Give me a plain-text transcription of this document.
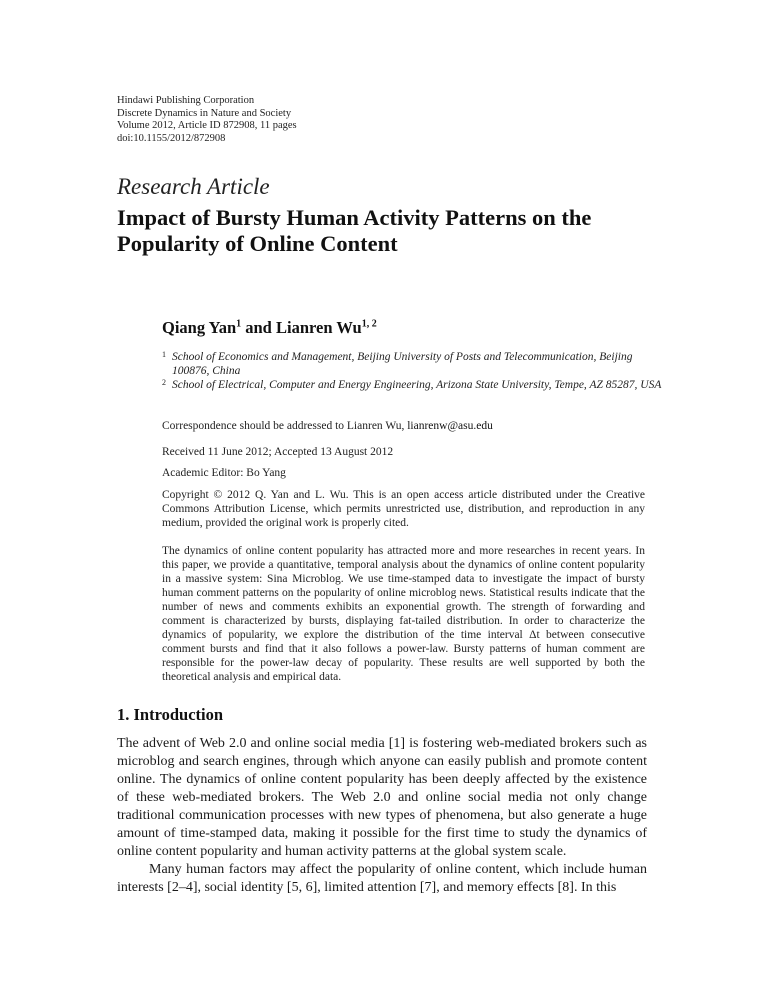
Hindawi Publishing Corporation
Discrete Dynamics in Nature and Society
Volume 2012, Article ID 872908, 11 pages
doi:10.1155/2012/872908
Research Article
Impact of Bursty Human Activity Patterns on the Popularity of Online Content
Qiang Yan$^1$ and Lianren Wu$^{1, 2}$
1 School of Economics and Management, Beijing University of Posts and Telecommunication, Beijing 100876, China
2 School of Electrical, Computer and Energy Engineering, Arizona State University, Tempe, AZ 85287, USA
Correspondence should be addressed to Lianren Wu, lianrenw@asu.edu
Received 11 June 2012; Accepted 13 August 2012
Academic Editor: Bo Yang
Copyright © 2012 Q. Yan and L. Wu. This is an open access article distributed under the Creative Commons Attribution License, which permits unrestricted use, distribution, and reproduction in any medium, provided the original work is properly cited.
The dynamics of online content popularity has attracted more and more researches in recent years. In this paper, we provide a quantitative, temporal analysis about the dynamics of online content popularity in a massive system: Sina Microblog. We use time-stamped data to investigate the impact of bursty human comment patterns on the popularity of online microblog news. Statistical results indicate that the number of news and comments exhibits an exponential growth. The strength of forwarding and comment is characterized by bursts, displaying fat-tailed distribution. In order to characterize the dynamics of popularity, we explore the distribution of the time interval Δt between consecutive comment bursts and find that it also follows a power-law. Bursty patterns of human comment are responsible for the power-law decay of popularity. These results are well supported by both the theoretical analysis and empirical data.
1. Introduction

The advent of Web 2.0 and online social media [1] is fostering web-mediated brokers such as microblog and search engines, through which anyone can easily publish and promote content online. The dynamics of online content popularity has been deeply affected by the existence of these web-mediated brokers. The Web 2.0 and online social media not only change traditional communication processes with new types of phenomena, but also generate a huge amount of time-stamped data, making it possible for the first time to study the dynamics of online content popularity and human activity patterns at the global system scale.

Many human factors may affect the popularity of online content, which include human interests [2–4], social identity [5, 6], limited attention [7], and memory effects [8]. In this
